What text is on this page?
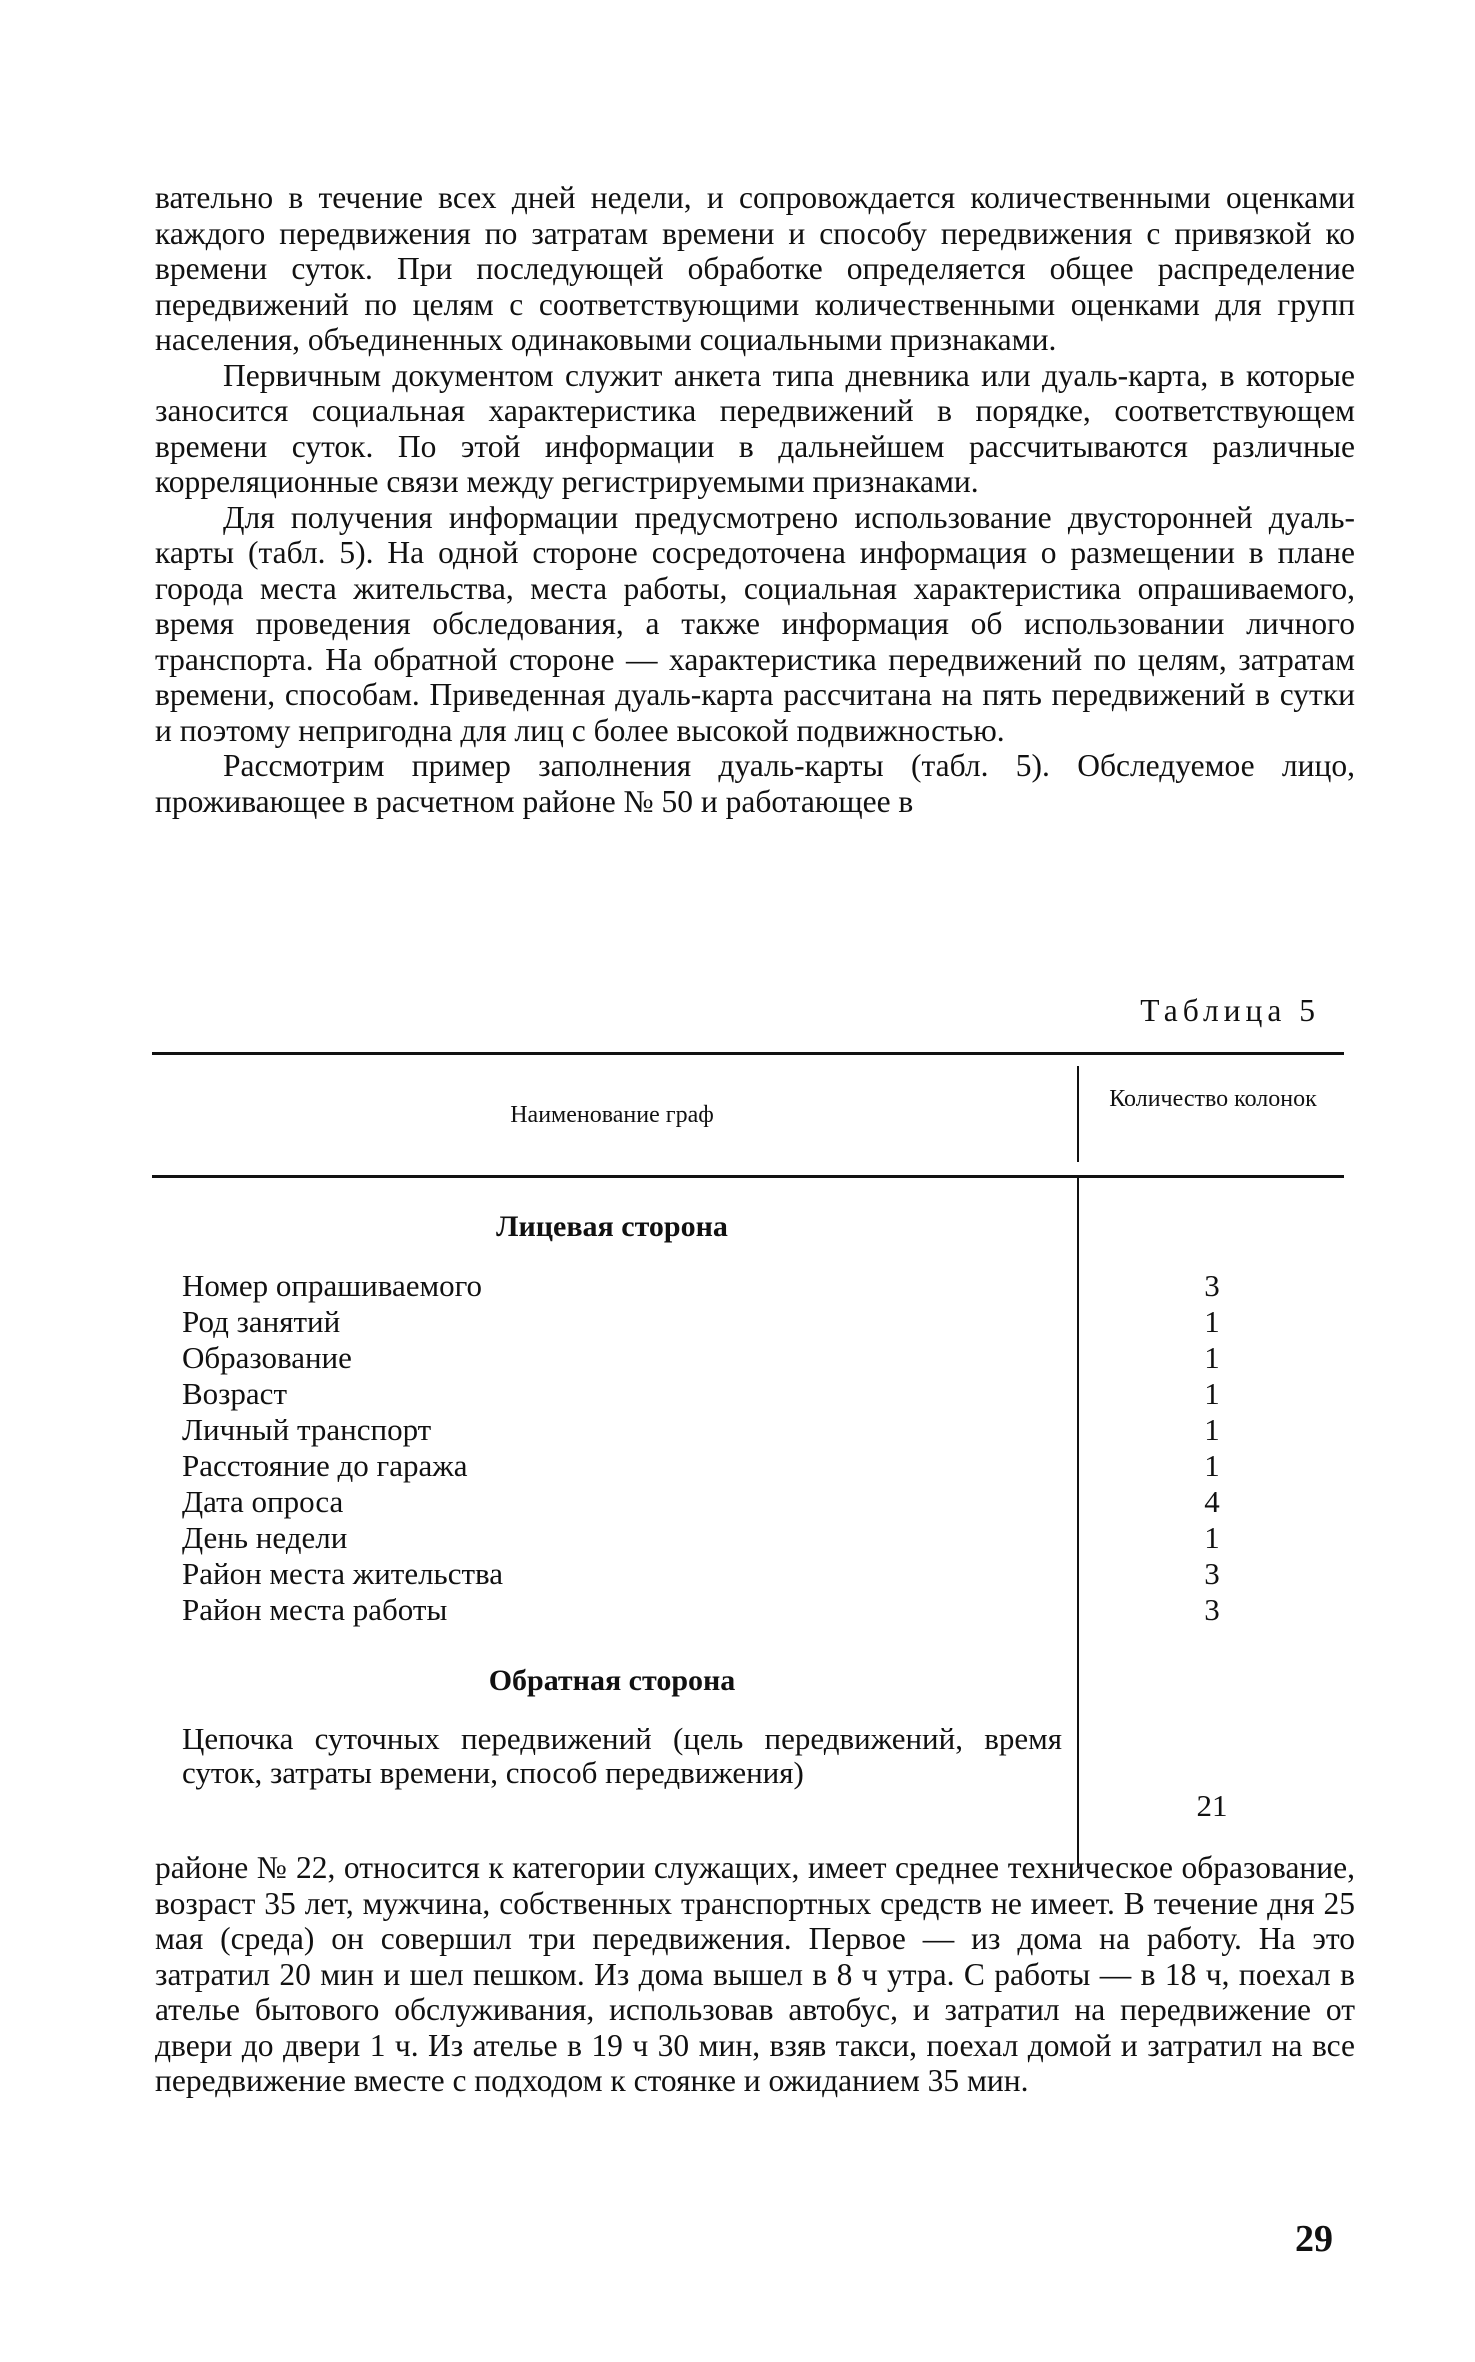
вательно в течение всех дней недели, и сопровождается количественными оценками каждого передвижения по затратам времени и способу передвижения с привязкой ко времени суток. При последующей обработке определяется общее распределение передвижений по целям с соответствующими количественными оценками для групп населения, объединенных одинаковыми социальными признаками.

Первичным документом служит анкета типа дневника или дуаль-карта, в которые заносится социальная характеристика передвижений в порядке, соответствующем времени суток. По этой информации в дальнейшем рассчитываются различные корреляционные связи между регистрируемыми признаками.

Для получения информации предусмотрено использование двусторонней дуаль-карты (табл. 5). На одной стороне сосредоточена информация о размещении в плане города места жительства, места работы, социальная характеристика опрашиваемого, время проведения обследования, а также информация об использовании личного транспорта. На обратной стороне — характеристика передвижений по целям, затратам времени, способам. Приведенная дуаль-карта рассчитана на пять передвижений в сутки и поэтому непригодна для лиц с более высокой подвижностью.

Рассмотрим пример заполнения дуаль-карты (табл. 5). Обследуемое лицо, проживающее в расчетном районе № 50 и работающее в

Таблица 5

Наименование граф
Количество колонок
Лицевая сторона
Номер опрашиваемого	3
Род занятий	1
Образование	1
Возраст	1
Личный транспорт	1
Расстояние до гаража	1
Дата опроса	4
День недели	1
Район места жительства	3
Район места работы	3
Обратная сторона
Цепочка суточных передвижений (цель передвижений, время суток, затраты времени, способ передвижения)
21

районе № 22, относится к категории служащих, имеет среднее техническое образование, возраст 35 лет, мужчина, собственных транспортных средств не имеет. В течение дня 25 мая (среда) он совершил три передвижения. Первое — из дома на работу. На это затратил 20 мин и шел пешком. Из дома вышел в 8 ч утра. С работы — в 18 ч, поехал в ателье бытового обслуживания, использовав автобус, и затратил на передвижение от двери до двери 1 ч. Из ателье в 19 ч 30 мин, взяв такси, поехал домой и затратил на все передвижение вместе с подходом к стоянке и ожиданием 35 мин.

29
